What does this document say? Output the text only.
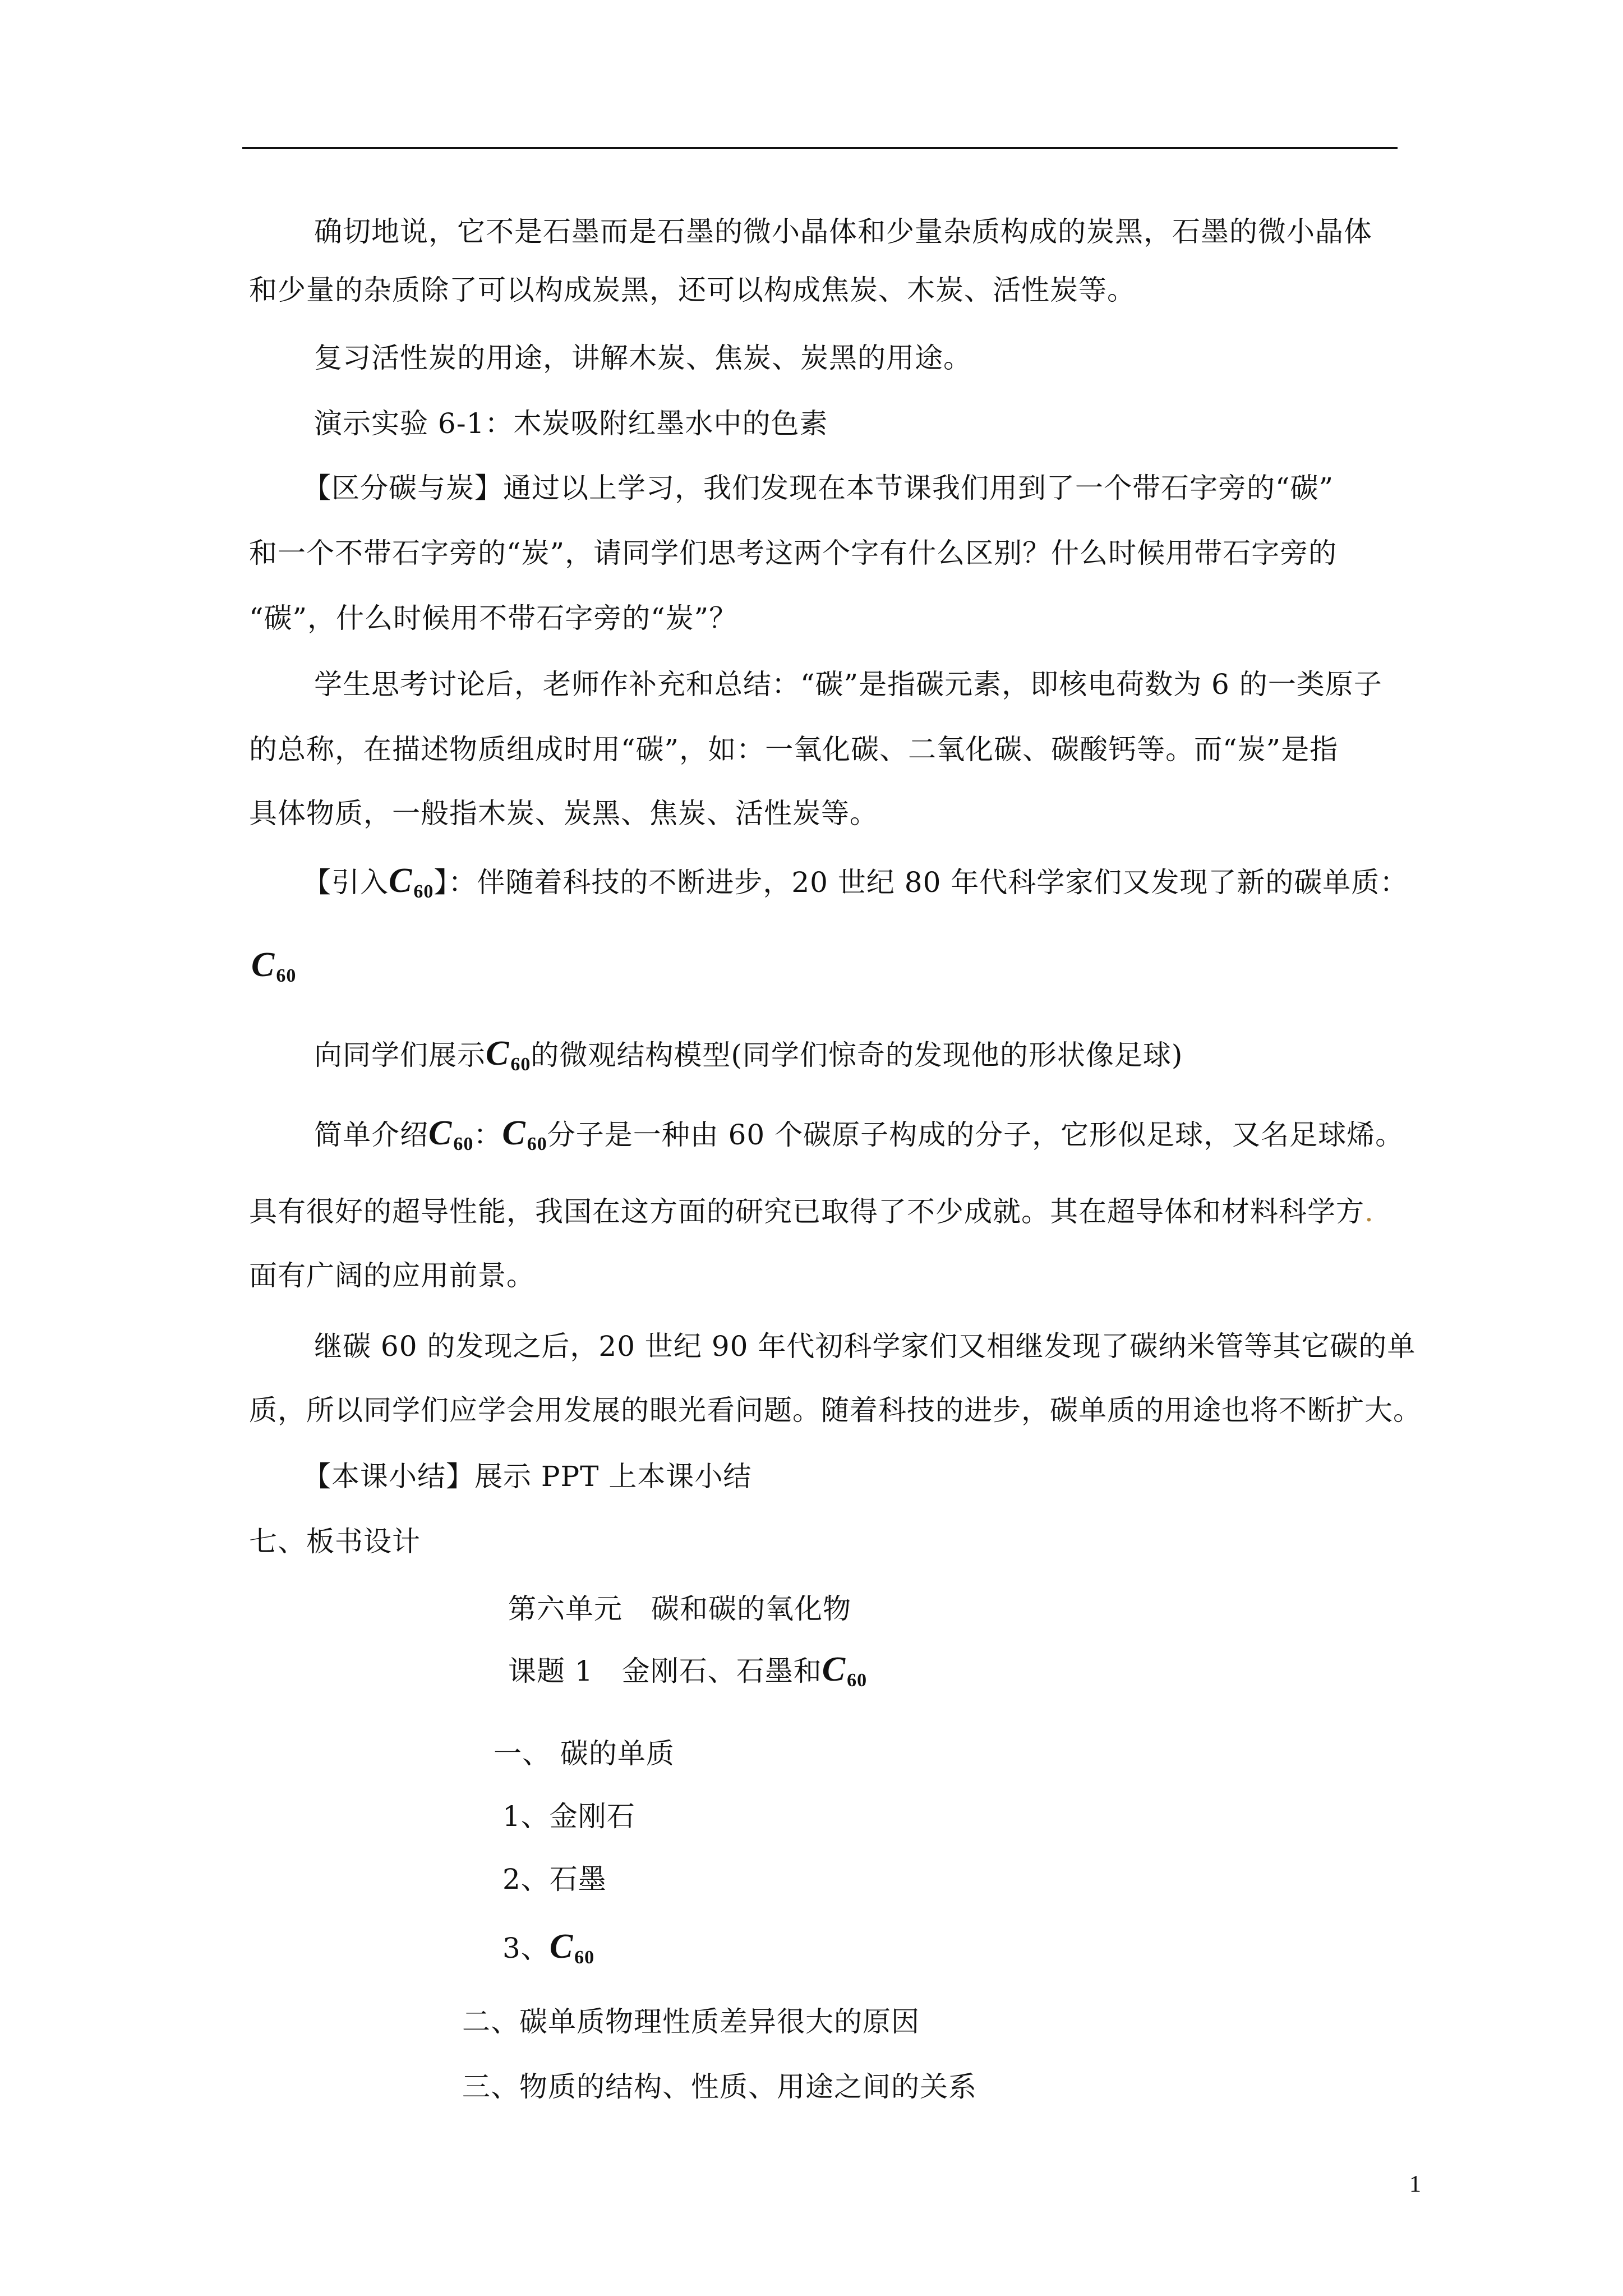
确切地说，它不是石墨而是石墨的微小晶体和少量杂质构成的炭黑，石墨的微小晶体
和少量的杂质除了可以构成炭黑，还可以构成焦炭、木炭、活性炭等。
复习活性炭的用途，讲解木炭、焦炭、炭黑的用途。
演示实验 6-1：木炭吸附红墨水中的色素
【区分碳与炭】通过以上学习，我们发现在本节课我们用到了一个带石字旁的“碳”
和一个不带石字旁的“炭”，请同学们思考这两个字有什么区别？什么时候用带石字旁的
“碳”，什么时候用不带石字旁的“炭”？
学生思考讨论后，老师作补充和总结：“碳”是指碳元素，即核电荷数为 6 的一类原子
的总称，在描述物质组成时用“碳”，如：一氧化碳、二氧化碳、碳酸钙等。而“炭”是指
具体物质，一般指木炭、炭黑、焦炭、活性炭等。
【引入$C_{60}$】：伴随着科技的不断进步，20 世纪 80 年代科学家们又发现了新的碳单质：
$C_{60}$
向同学们展示$C_{60}$的微观结构模型(同学们惊奇的发现他的形状像足球)
简单介绍$C_{60}$：$C_{60}$分子是一种由 60 个碳原子构成的分子，它形似足球，又名足球烯。
具有很好的超导性能，我国在这方面的研究已取得了不少成就。其在超导体和材料科学方.
面有广阔的应用前景。
继碳 60 的发现之后，20 世纪 90 年代初科学家们又相继发现了碳纳米管等其它碳的单
质，所以同学们应学会用发展的眼光看问题。随着科技的进步，碳单质的用途也将不断扩大。
【本课小结】展示 PPT 上本课小结
七、板书设计
第六单元　碳和碳的氧化物
课题 1　金刚石、石墨和$C_{60}$
一、 碳的单质
1、金刚石
2、石墨
3、$C_{60}$
二、碳单质物理性质差异很大的原因
三、物质的结构、性质、用途之间的关系
1
